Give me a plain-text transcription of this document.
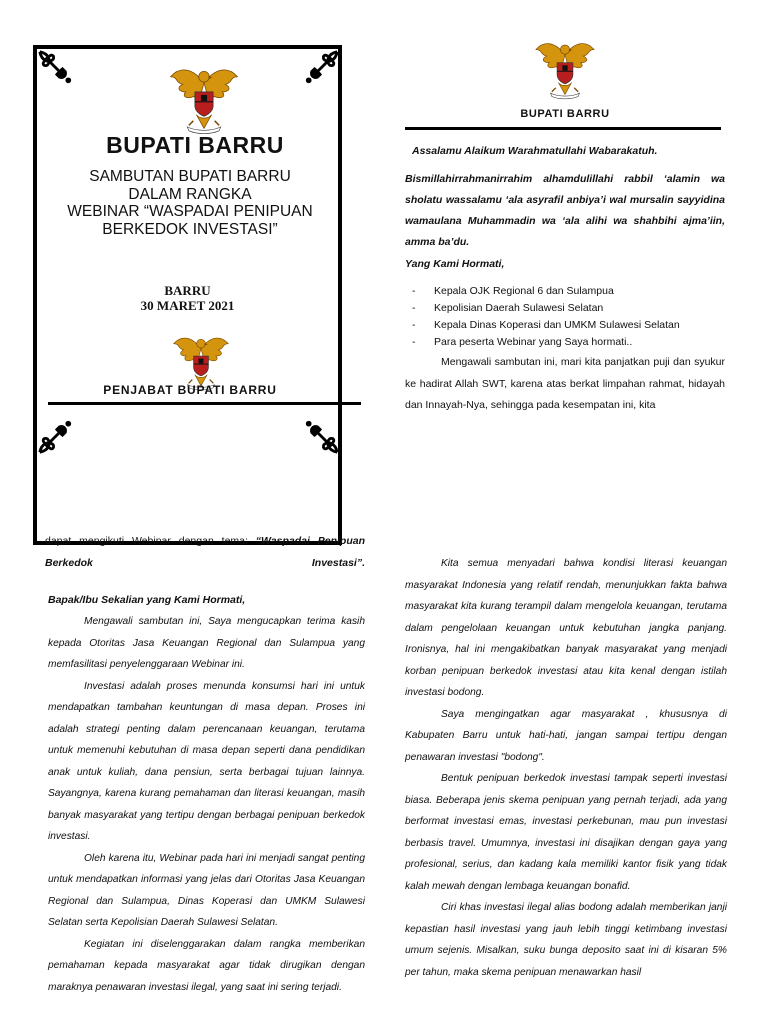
BUPATI BARRU
SAMBUTAN BUPATI BARRU
DALAM RANGKA
WEBINAR “WASPADAI PENIPUAN
BERKEDOK INVESTASI”
BARRU
30 MARET 2021
PENJABAT BUPATI BARRU
BUPATI BARRU
Assalamu Alaikum Warahmatullahi Wabarakatuh.
Bismillahirrahmanirrahim alhamdulillahi rabbil ‘alamin wa sholatu wassalamu ‘ala asyrafil anbiya’i wal mursalin sayyidina wamaulana Muhammadin wa ‘ala alihi wa shahbihi ajma’iin, amma ba’du.
Yang Kami Hormati,
- Kepala OJK Regional 6 dan Sulampua
- Kepolisian Daerah Sulawesi Selatan
- Kepala Dinas Koperasi dan UMKM Sulawesi Selatan
- Para peserta Webinar yang Saya hormati..

Mengawali sambutan ini, mari kita panjatkan puji dan syukur ke hadirat Allah SWT, karena atas berkat limpahan rahmat, hidayah dan Innayah-Nya, sehingga pada kesempatan ini, kita

dapat mengikuti Webinar dengan tema: “Waspadai Penipuan Berkedok Investasi”.
Bapak/Ibu Sekalian yang Kami Hormati,

Mengawali sambutan ini, Saya mengucapkan terima kasih kepada Otoritas Jasa Keuangan Regional dan Sulampua yang memfasilitasi penyelenggaraan Webinar ini.

Investasi adalah proses menunda konsumsi hari ini untuk mendapatkan tambahan keuntungan di masa depan. Proses ini adalah strategi penting dalam perencanaan keuangan, terutama untuk memenuhi kebutuhan di masa depan seperti dana pendidikan anak untuk kuliah, dana pensiun, serta berbagai tujuan lainnya. Sayangnya, karena kurang pemahaman dan literasi keuangan, masih banyak masyarakat yang tertipu dengan berbagai penipuan berkedok investasi.

Oleh karena itu, Webinar pada hari ini menjadi sangat penting untuk mendapatkan informasi yang jelas dari Otoritas Jasa Keuangan Regional dan Sulampua, Dinas Koperasi dan UMKM Sulawesi Selatan serta Kepolisian Daerah Sulawesi Selatan.

Kegiatan ini diselenggarakan dalam rangka memberikan pemahaman kepada masyarakat agar tidak dirugikan dengan maraknya penawaran investasi ilegal, yang saat ini sering terjadi.

Kita semua menyadari bahwa kondisi literasi keuangan masyarakat Indonesia yang relatif rendah, menunjukkan fakta bahwa masyarakat kita kurang terampil dalam mengelola keuangan, terutama dalam pengelolaan keuangan untuk kebutuhan jangka panjang. Ironisnya, hal ini mengakibatkan banyak masyarakat yang menjadi korban penipuan berkedok investasi atau kita kenal dengan istilah investasi bodong.

Saya mengingatkan agar masyarakat , khususnya di Kabupaten Barru untuk hati-hati, jangan sampai tertipu dengan penawaran investasi "bodong".

Bentuk penipuan berkedok investasi tampak seperti investasi biasa. Beberapa jenis skema penipuan yang pernah terjadi, ada yang berformat investasi emas, investasi perkebunan, mau pun investasi berbasis travel. Umumnya, investasi ini disajikan dengan gaya yang profesional, serius, dan kadang kala memiliki kantor fisik yang tidak kalah mewah dengan lembaga keuangan bonafid.

Ciri khas investasi ilegal alias bodong adalah memberikan janji kepastian hasil investasi yang jauh lebih tinggi ketimbang investasi umum sejenis. Misalkan, suku bunga deposito saat ini di kisaran 5% per tahun, maka skema penipuan menawarkan hasil
